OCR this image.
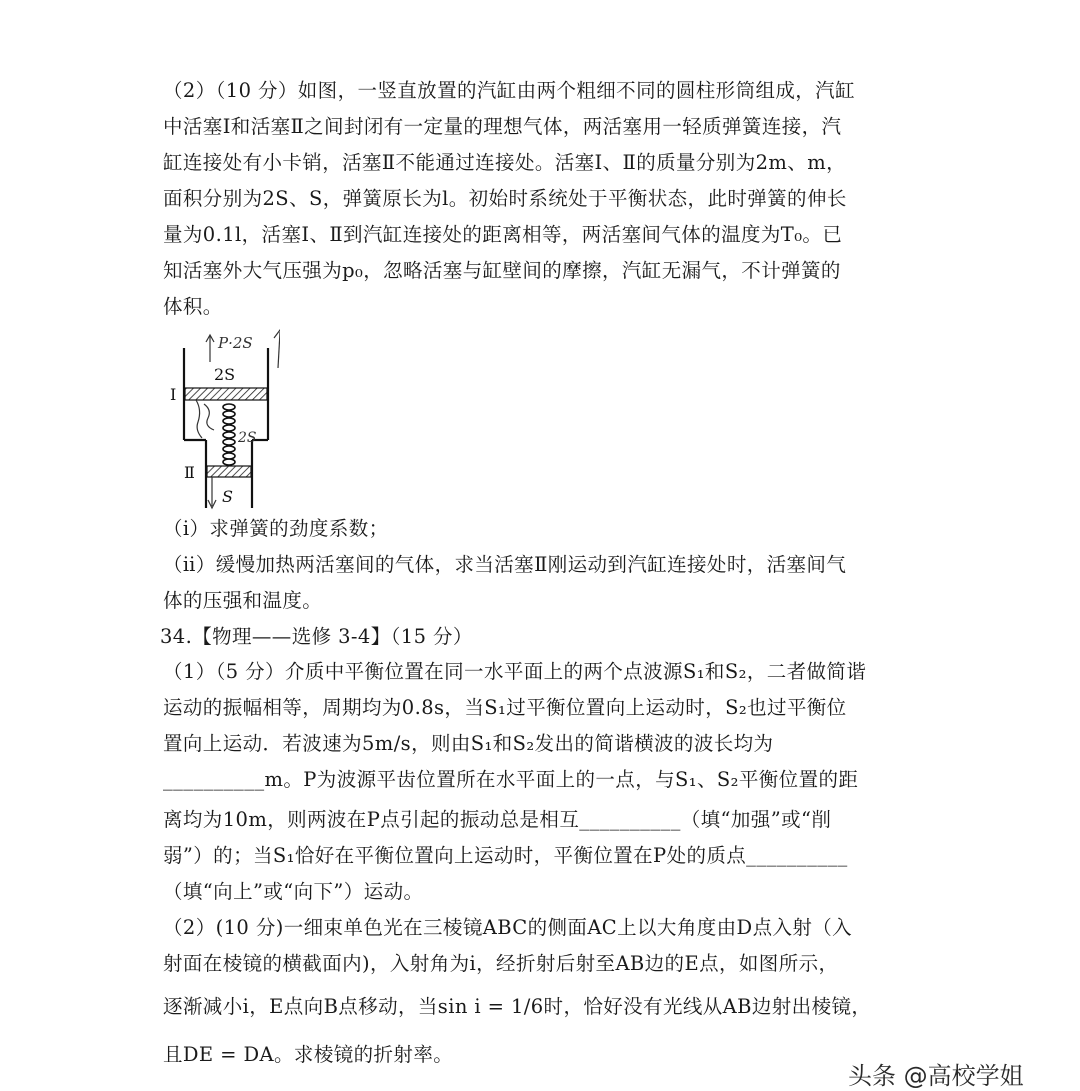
（2）（10 分）如图，一竖直放置的汽缸由两个粗细不同的圆柱形筒组成，汽缸
中活塞Ⅰ和活塞Ⅱ之间封闭有一定量的理想气体，两活塞用一轻质弹簧连接，汽
缸连接处有小卡销，活塞Ⅱ不能通过连接处。活塞Ⅰ、Ⅱ的质量分别为2m、m，
面积分别为2S、S，弹簧原长为l。初始时系统处于平衡状态，此时弹簧的伸长
量为0.1l，活塞Ⅰ、Ⅱ到汽缸连接处的距离相等，两活塞间气体的温度为T₀。已
知活塞外大气压强为p₀，忽略活塞与缸壁间的摩擦，汽缸无漏气，不计弹簧的
体积。
P·2S
2S
2S
S
Ⅰ
Ⅱ
（ⅰ）求弹簧的劲度系数；
（ⅱ）缓慢加热两活塞间的气体，求当活塞Ⅱ刚运动到汽缸连接处时，活塞间气
体的压强和温度。
34.【物理——选修 3-4】（15 分）
（1）（5 分）介质中平衡位置在同一水平面上的两个点波源S₁和S₂，二者做简谐
运动的振幅相等，周期均为0.8s，当S₁过平衡位置向上运动时，S₂也过平衡位
置向上运动．若波速为5m/s，则由S₁和S₂发出的简谐横波的波长均为
__________m。P为波源平齿位置所在水平面上的一点，与S₁、S₂平衡位置的距
离均为10m，则两波在P点引起的振动总是相互__________（填“加强”或“削
弱”）的；当S₁恰好在平衡位置向上运动时，平衡位置在P处的质点__________
（填“向上”或“向下”）运动。
（2）(10 分)一细束单色光在三棱镜ABC的侧面AC上以大角度由D点入射（入
射面在棱镜的横截面内)，入射角为i，经折射后射至AB边的E点，如图所示，
逐渐减小i，E点向B点移动，当sin i = 1/6时，恰好没有光线从AB边射出棱镜，
且DE = DA。求棱镜的折射率。
头条 @高校学姐
